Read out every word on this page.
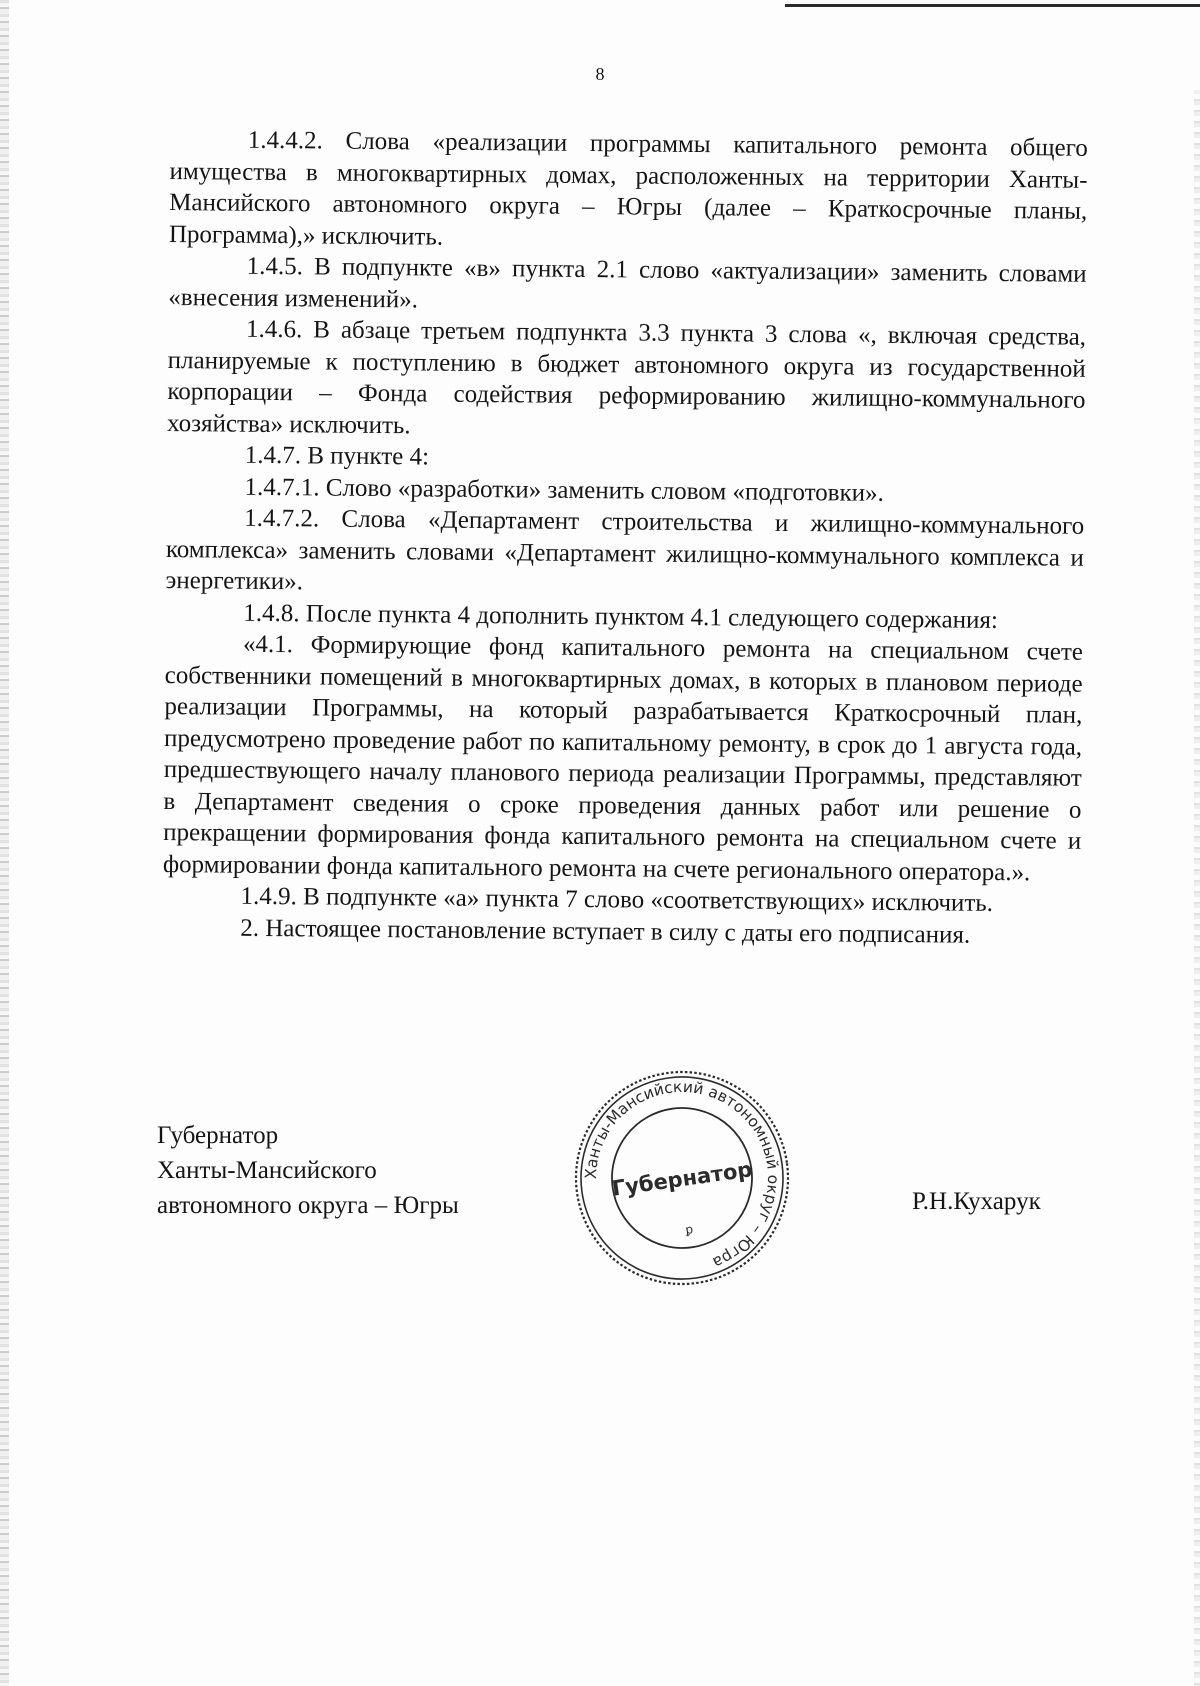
8

1.4.4.2. Слова «реализации программы капитального ремонта общего имущества в многоквартирных домах, расположенных на территории Ханты-Мансийского автономного округа – Югры (далее – Краткосрочные планы, Программа),» исключить.

1.4.5. В подпункте «в» пункта 2.1 слово «актуализации» заменить словами «внесения изменений».

1.4.6. В абзаце третьем подпункта 3.3 пункта 3 слова «, включая средства, планируемые к поступлению в бюджет автономного округа из государственной корпорации – Фонда содействия реформированию жилищно-коммунального хозяйства» исключить.

1.4.7. В пункте 4:

1.4.7.1. Слово «разработки» заменить словом «подготовки».

1.4.7.2. Слова «Департамент строительства и жилищно-коммунального комплекса» заменить словами «Департамент жилищно-коммунального комплекса и энергетики».

1.4.8. После пункта 4 дополнить пунктом 4.1 следующего содержания:

«4.1. Формирующие фонд капитального ремонта на специальном счете собственники помещений в многоквартирных домах, в которых в плановом периоде реализации Программы, на который разрабатывается Краткосрочный план, предусмотрено проведение работ по капитальному ремонту, в срок до 1 августа года, предшествующего началу планового периода реализации Программы, представляют в Департамент сведения о сроке проведения данных работ или решение о прекращении формирования фонда капитального ремонта на специальном счете и формировании фонда капитального ремонта на счете регионального оператора.».

1.4.9. В подпункте «а» пункта 7 слово «соответствующих» исключить.

2. Настоящее постановление вступает в силу с даты его подписания.

Губернатор
Ханты-Мансийского
автономного округа – Югры
Ханты-Мансийский автономный округ – Югра
Губернатор
ꝑ
Р.Н.Кухарук
